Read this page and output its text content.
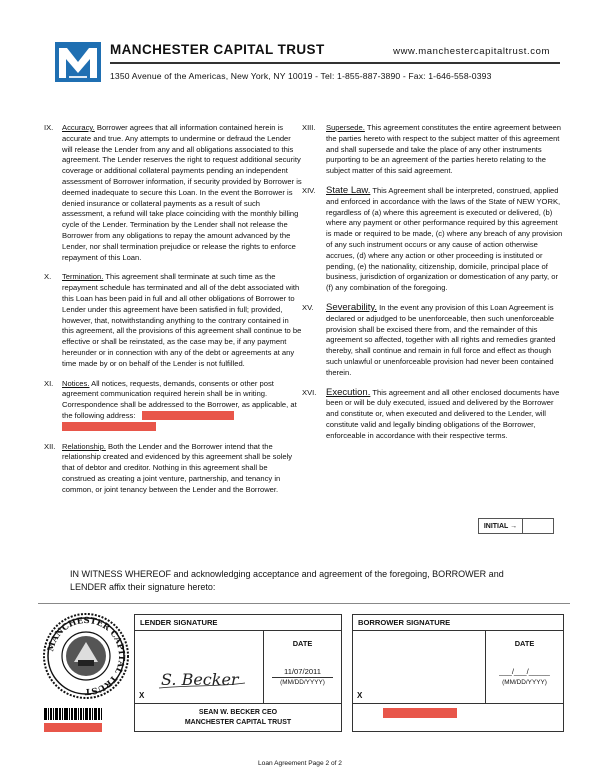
MANCHESTER CAPITAL TRUST	www.manchestercapitaltrust.com
1350 Avenue of the Americas, New York, NY 10019 - Tel: 1-855-887-3890 - Fax: 1-646-558-0393
IX. Accuracy. Borrower agrees that all information contained herein is accurate and true. Any attempts to undermine or defraud the Lender will release the Lender from any and all obligations associated to this agreement. The Lender reserves the right to request additional security coverage or additional collateral payments pending an independent assessment of Borrower information, if security provided by Borrower is deemed inadequate to secure this Loan. In the event the Borrower is denied insurance or collateral payments as a result of such assessment, a refund will take place coinciding with the monthly billing cycle of the Lender. Termination by the Lender shall not release the Borrower from any obligations to repay the amount advanced by the Lender, nor shall termination prejudice or release the rights to enforce repayment of this Loan.
X. Termination. This agreement shall terminate at such time as the repayment schedule has terminated and all of the debt associated with this Loan has been paid in full and all other obligations of Borrower to Lender under this agreement have been satisfied in full; provided, however, that, notwithstanding anything to the contrary contained in this agreement, all the provisions of this agreement shall continue to be effective or shall be reinstated, as the case may be, if any payment hereunder or in connection with any of the debt or agreements at any time made by or on behalf of the Lender is not fulfilled.
XI. Notices. All notices, requests, demands, consents or other post agreement communication required herein shall be in writing. Correspondence shall be addressed to the Borrower, as applicable, at the following address:

XII. Relationship. Both the Lender and the Borrower intend that the relationship created and evidenced by this agreement shall be solely that of debtor and creditor. Nothing in this agreement shall be construed as creating a joint venture, partnership, and tenancy in common, or joint tenancy between the Lender and the Borrower.
XIII. Supersede. This agreement constitutes the entire agreement between the parties hereto with respect to the subject matter of this agreement and shall supersede and take the place of any other instruments purporting to be an agreement of the parties hereto relating to the subject matter of this said agreement.
XIV. State Law. This Agreement shall be interpreted, construed, applied and enforced in accordance with the laws of the State of NEW YORK, regardless of (a) where this agreement is executed or delivered, (b) where any payment or other performance required by this agreement is made or required to be made, (c) where any breach of any provision of any such instrument occurs or any cause of action otherwise accrues, (d) where any action or other proceeding is instituted or pending, (e) the nationality, citizenship, domicile, principal place of business, jurisdiction of organization or domestication of any party, or (f) any combination of the foregoing.
XV. Severability. In the event any provision of this Loan Agreement is declared or adjudged to be unenforceable, then such unenforceable provision shall be excised there from, and the remainder of this agreement so affected, together with all rights and remedies granted thereby, shall continue and remain in full force and effect as though such unlawful or unenforceable provision had never been contained therein.
XVI. Execution. This agreement and all other enclosed documents have been or will be duly executed, issued and delivered by the Borrower and constitute or, when executed and delivered to the Lender, will constitute valid and legally binding obligations of the Borrower, enforceable in accordance with their respective terms.
INITIAL →
IN WITNESS WHEREOF and acknowledging acceptance and agreement of the foregoing, BORROWER and LENDER affix their signature hereto:
MANCHESTER CAPITAL TRUST
LENDER SIGNATURE
DATE
11/07/2011
(MM/DD/YYYY)
S. Becker
X
SEAN W. BECKER CEO
MANCHESTER CAPITAL TRUST
BORROWER SIGNATURE
DATE
___/___/_____
(MM/DD/YYYY)
X
Loan Agreement Page 2 of 2
